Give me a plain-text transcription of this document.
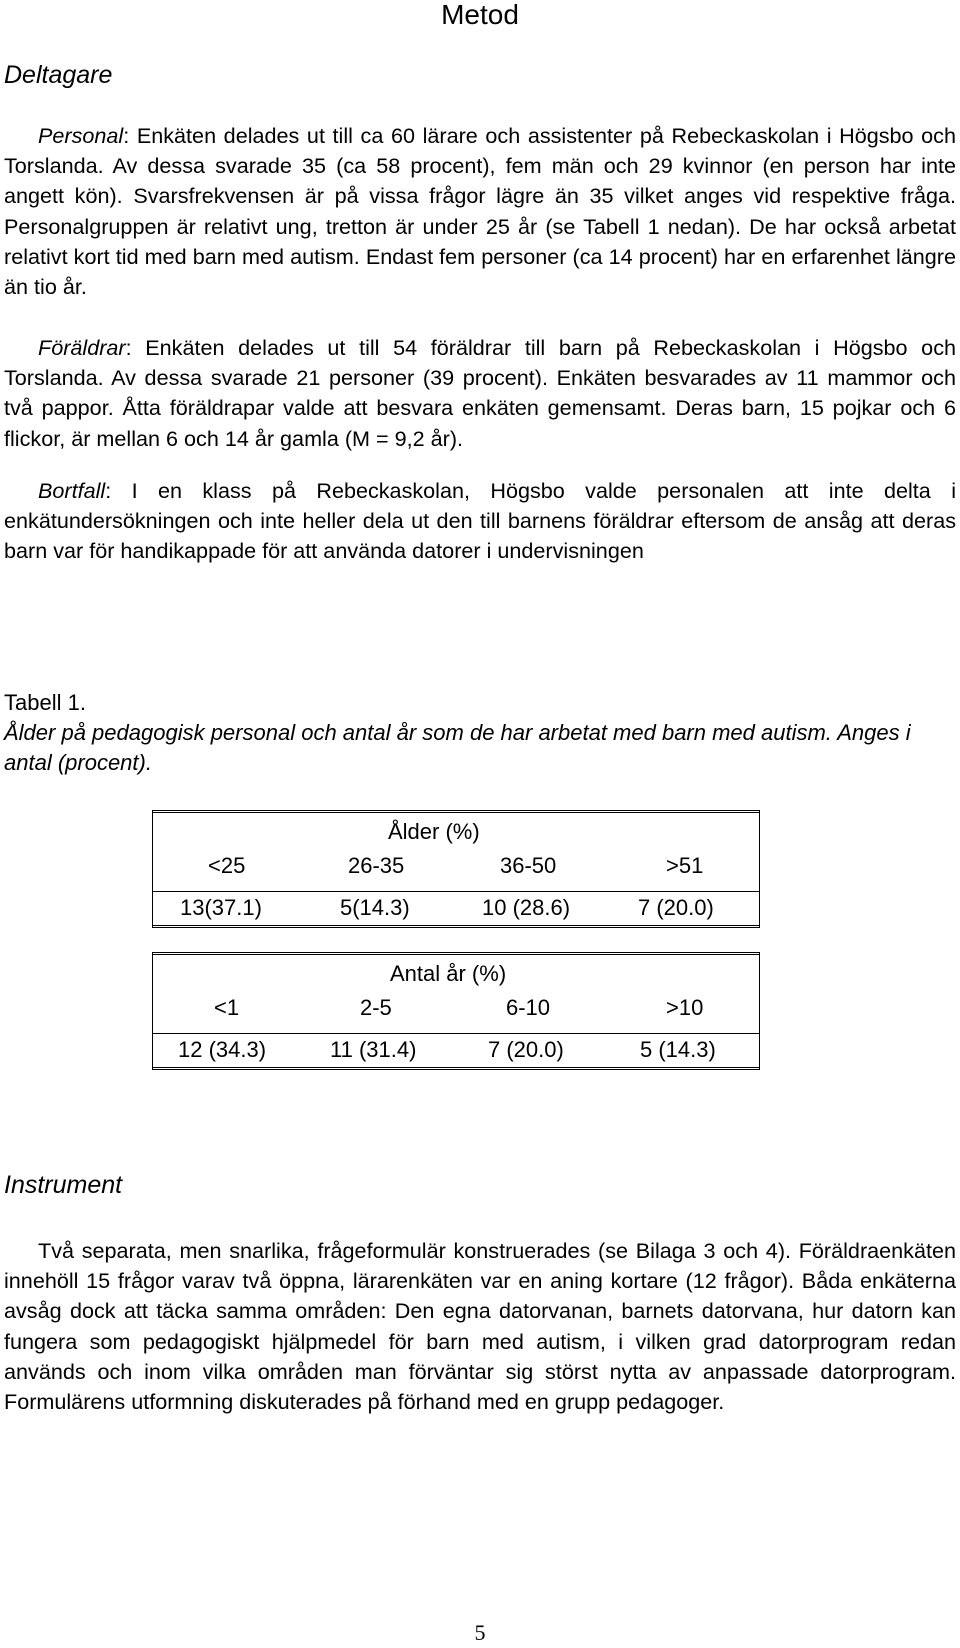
Metod
Deltagare
Personal: Enkäten delades ut till ca 60 lärare och assistenter på Rebeckaskolan i Högsbo och Torslanda. Av dessa svarade 35 (ca 58 procent), fem män och 29 kvinnor (en person har inte angett kön). Svarsfrekvensen är på vissa frågor lägre än 35 vilket anges vid respektive fråga. Personalgruppen är relativt ung, tretton är under 25 år (se Tabell 1 nedan). De har också arbetat relativt kort tid med barn med autism. Endast fem personer (ca 14 procent) har en erfarenhet längre än tio år.
Föräldrar: Enkäten delades ut till 54 föräldrar till barn på Rebeckaskolan i Högsbo och Torslanda. Av dessa svarade 21 personer (39 procent). Enkäten besvarades av 11 mammor och två pappor. Åtta föräldrapar valde att besvara enkäten gemensamt. Deras barn, 15 pojkar och 6 flickor, är mellan 6 och 14 år gamla (M = 9,2 år).
Bortfall: I en klass på Rebeckaskolan, Högsbo valde personalen att inte delta i enkätundersökningen och inte heller dela ut den till barnens föräldrar eftersom de ansåg att deras barn var för handikappade för att använda datorer i undervisningen
Tabell 1.
Ålder på pedagogisk personal och antal år som de har arbetat med barn med autism. Anges i antal (procent).
Ålder (%)
<25	26-35	36-50	>51
13(37.1)	5(14.3)	10 (28.6)	7 (20.0)
Antal år (%)
<1	2-5	6-10	>10
12 (34.3)	11 (31.4)	7 (20.0)	5 (14.3)
Instrument
Två separata, men snarlika, frågeformulär konstruerades (se Bilaga 3 och 4). Föräldraenkäten innehöll 15 frågor varav två öppna, lärarenkäten var en aning kortare (12 frågor). Båda enkäterna avsåg dock att täcka samma områden: Den egna datorvanan, barnets datorvana, hur datorn kan fungera som pedagogiskt hjälpmedel för barn med autism, i vilken grad datorprogram redan används och inom vilka områden man förväntar sig störst nytta av anpassade datorprogram. Formulärens utformning diskuterades på förhand med en grupp pedagoger.
5
